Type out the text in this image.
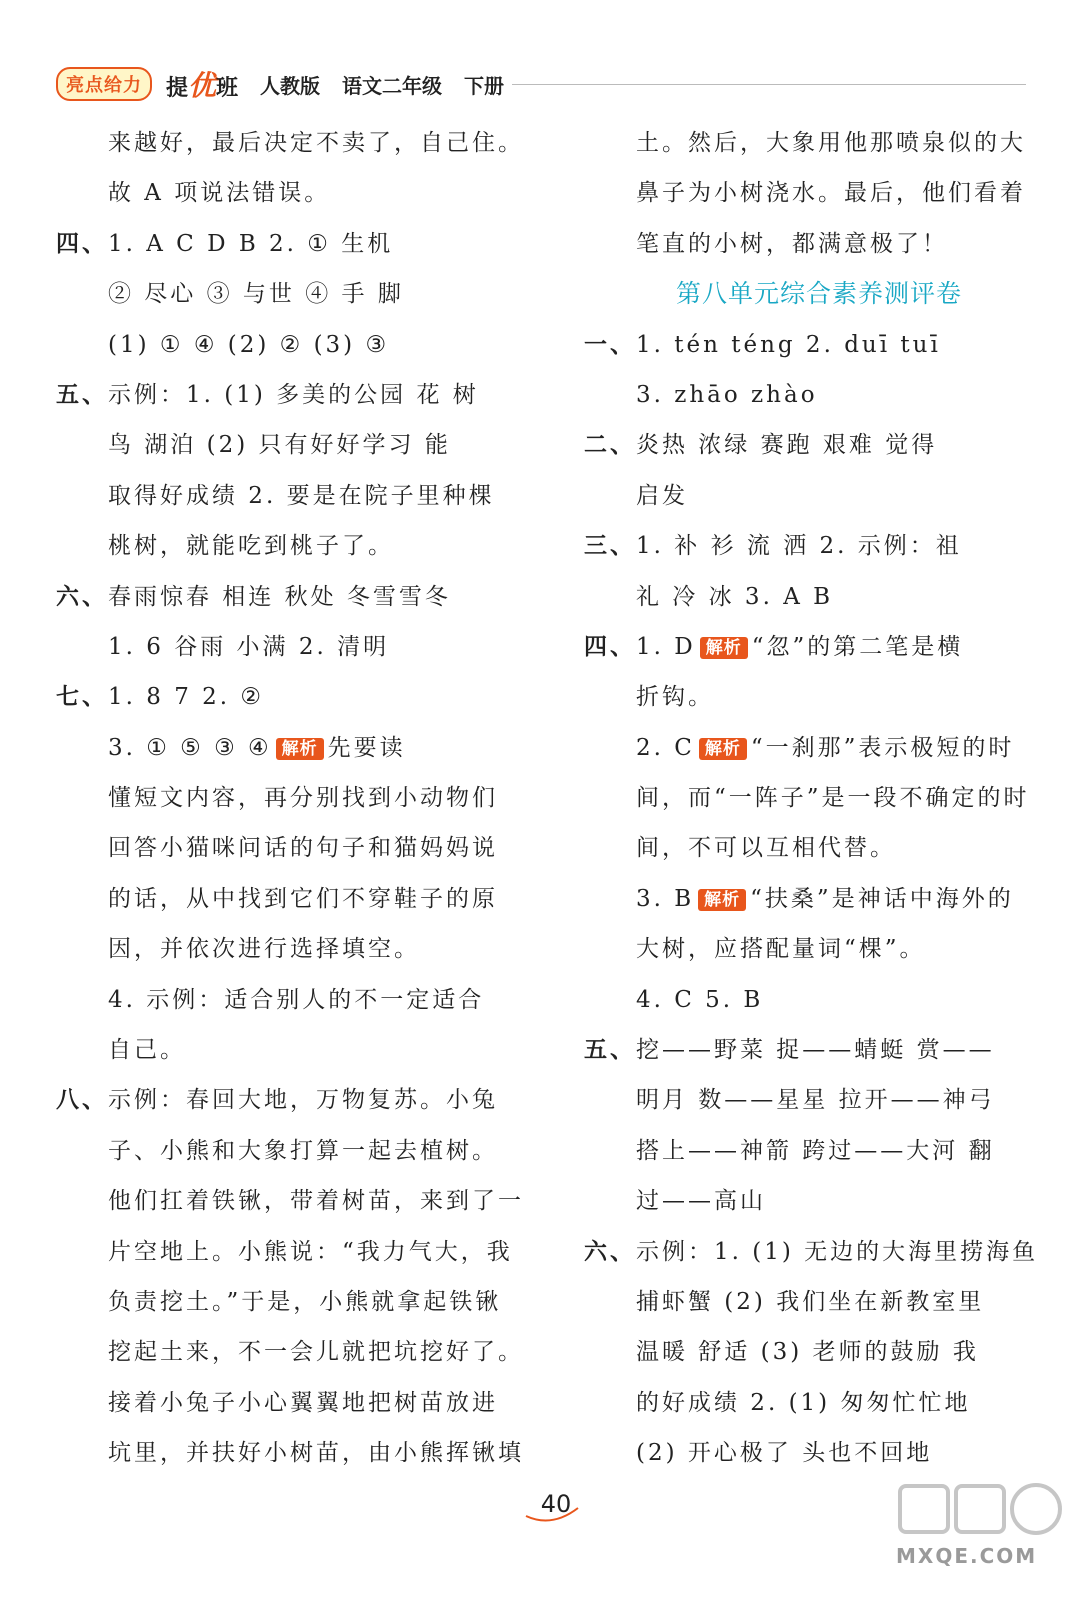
亮点给力	提优班 人教版 语文二年级 下册
来越好，最后决定不卖了，自己住。
故 A 项说法错误。
四、1. A C D B 2. ① 生机
② 尽心 ③ 与世 ④ 手 脚
(1) ① ④ (2) ② (3) ③
五、示例：1. (1) 多美的公园 花 树
鸟 湖泊 (2) 只有好好学习 能
取得好成绩 2. 要是在院子里种棵
桃树，就能吃到桃子了。
六、春雨惊春 相连 秋处 冬雪雪冬
1. 6 谷雨 小满 2. 清明
七、1. 8 7 2. ②
3. ① ⑤ ③ ④ 解析 先要读
懂短文内容，再分别找到小动物们
回答小猫咪问话的句子和猫妈妈说
的话，从中找到它们不穿鞋子的原
因，并依次进行选择填空。
4. 示例：适合别人的不一定适合
自己。
八、示例：春回大地，万物复苏。小兔
子、小熊和大象打算一起去植树。
他们扛着铁锹，带着树苗，来到了一
片空地上。小熊说：“我力气大，我
负责挖土。”于是，小熊就拿起铁锹
挖起土来，不一会儿就把坑挖好了。
接着小兔子小心翼翼地把树苗放进
坑里，并扶好小树苗，由小熊挥锹填
土。然后，大象用他那喷泉似的大
鼻子为小树浇水。最后，他们看着
笔直的小树，都满意极了！
第八单元综合素养测评卷
一、1. tén téng 2. duī tuī
3. zhāo zhào
二、炎热 浓绿 赛跑 艰难 觉得
启发
三、1. 补 衫 流 洒 2. 示例：祖
礼 冷 冰 3. A B
四、1. D 解析 “忽”的第二笔是横
折钩。
2. C 解析 “一刹那”表示极短的时
间，而“一阵子”是一段不确定的时
间，不可以互相代替。
3. B 解析 “扶桑”是神话中海外的
大树，应搭配量词“棵”。
4. C 5. B
五、挖——野菜 捉——蜻蜓 赏——
明月 数——星星 拉开——神弓
搭上——神箭 跨过——大河 翻
过——高山
六、示例：1. (1) 无边的大海里捞海鱼
捕虾蟹 (2) 我们坐在新教室里
温暖 舒适 (3) 老师的鼓励 我
的好成绩 2. (1) 匆匆忙忙地
(2) 开心极了 头也不回地
40
MXQE.COM
